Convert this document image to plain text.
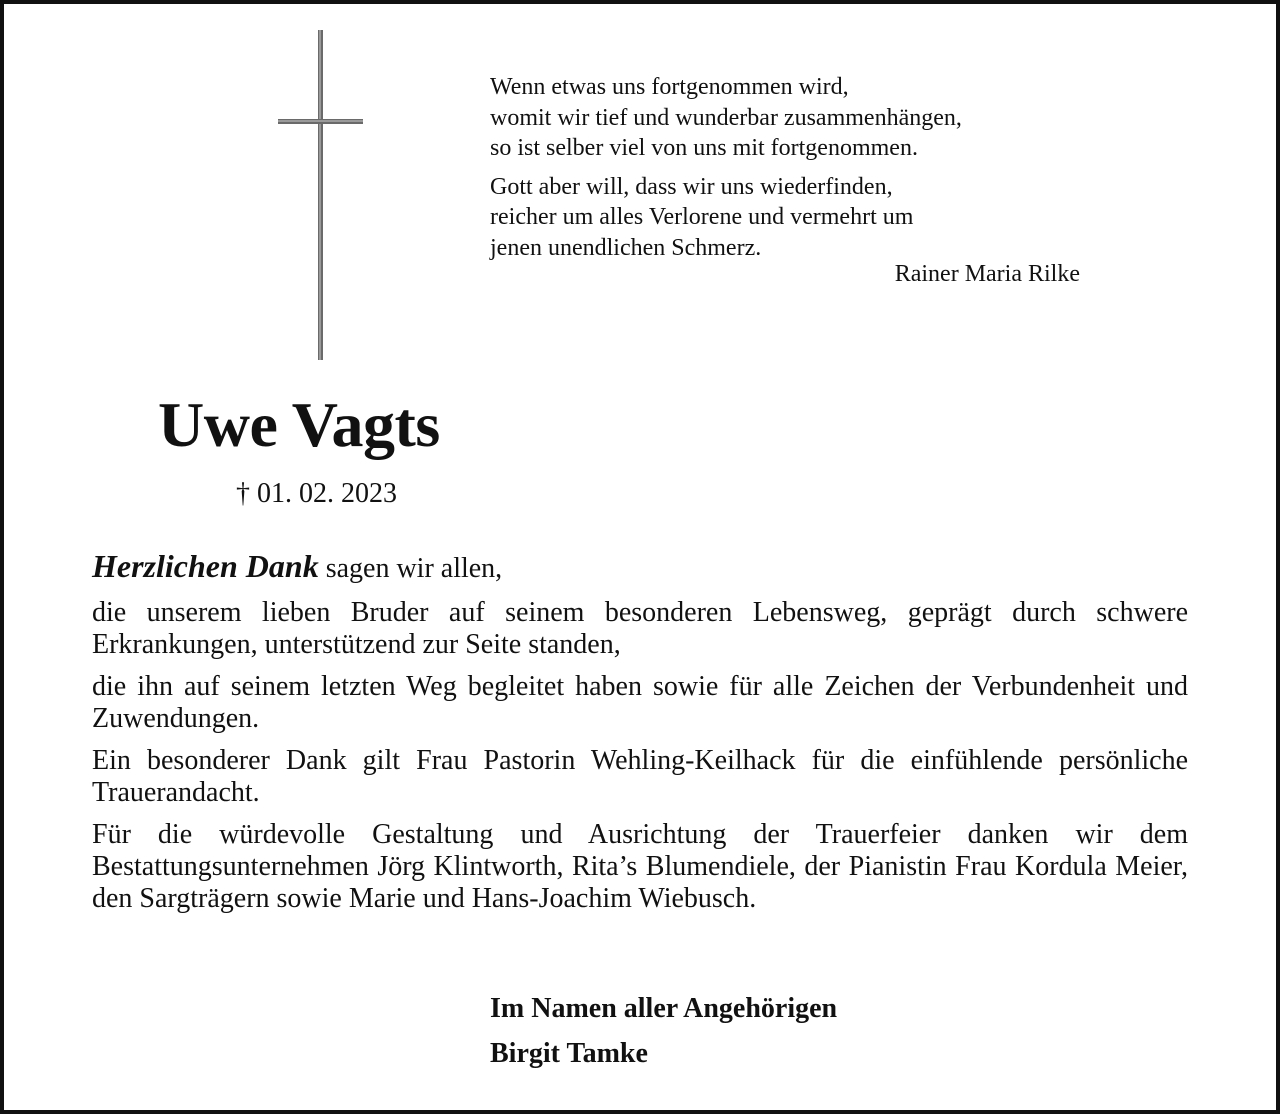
Wenn etwas uns fortgenommen wird,
womit wir tief und wunderbar zusammenhängen,
so ist selber viel von uns mit fortgenommen.
Gott aber will, dass wir uns wiederfinden,
reicher um alles Verlorene und vermehrt um
jenen unendlichen Schmerz.
Rainer Maria Rilke
Uwe Vagts
† 01. 02. 2023

Herzlichen Dank sagen wir allen,

die unserem lieben Bruder auf seinem besonderen Lebensweg, geprägt durch schwere Erkrankungen, unterstützend zur Seite standen,

die ihn auf seinem letzten Weg begleitet haben sowie für alle Zeichen der Verbundenheit und Zuwendungen.

Ein besonderer Dank gilt Frau Pastorin Wehling-Keilhack für die einfühlende persönliche Trauerandacht.

Für die würdevolle Gestaltung und Ausrichtung der Trauerfeier danken wir dem Bestattungsunternehmen Jörg Klintworth, Rita’s Blumendiele, der Pianistin Frau Kordula Meier, den Sargträgern sowie Marie und Hans-Joachim Wiebusch.

Im Namen aller Angehörigen
Birgit Tamke
